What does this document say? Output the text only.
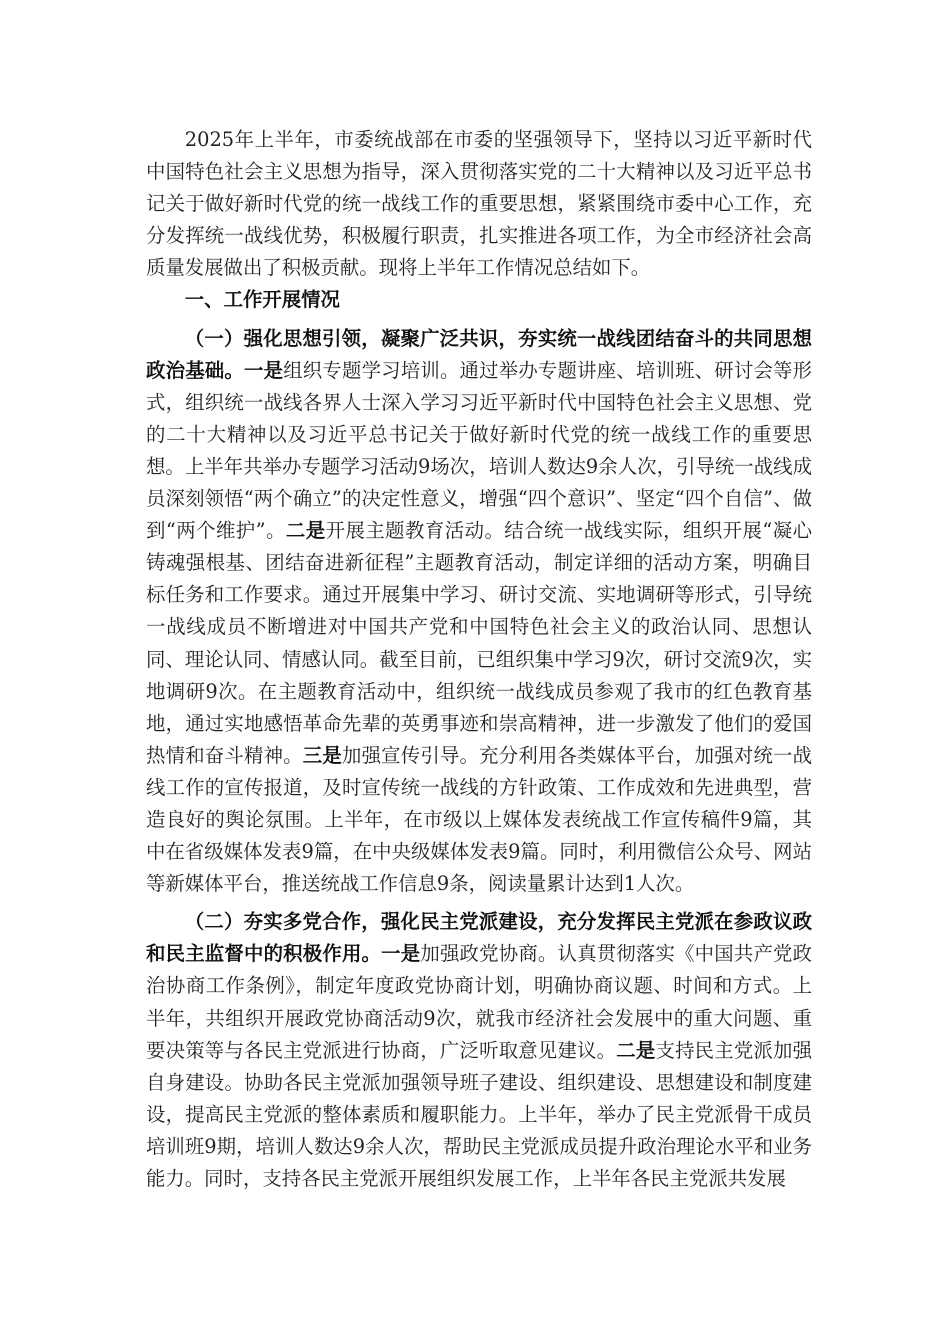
2025年上半年，市委统战部在市委的坚强领导下，坚持以习近平新时代中国特色社会主义思想为指导，深入贯彻落实党的二十大精神以及习近平总书记关于做好新时代党的统一战线工作的重要思想，紧紧围绕市委中心工作，充分发挥统一战线优势，积极履行职责，扎实推进各项工作，为全市经济社会高质量发展做出了积极贡献。现将上半年工作情况总结如下。

一、工作开展情况

（一）强化思想引领，凝聚广泛共识，夯实统一战线团结奋斗的共同思想政治基础。一是组织专题学习培训。通过举办专题讲座、培训班、研讨会等形式，组织统一战线各界人士深入学习习近平新时代中国特色社会主义思想、党的二十大精神以及习近平总书记关于做好新时代党的统一战线工作的重要思想。上半年共举办专题学习活动9场次，培训人数达9余人次，引导统一战线成员深刻领悟“两个确立”的决定性意义，增强“四个意识”、坚定“四个自信”、做到“两个维护”。二是开展主题教育活动。结合统一战线实际，组织开展“凝心铸魂强根基、团结奋进新征程”主题教育活动，制定详细的活动方案，明确目标任务和工作要求。通过开展集中学习、研讨交流、实地调研等形式，引导统一战线成员不断增进对中国共产党和中国特色社会主义的政治认同、思想认同、理论认同、情感认同。截至目前，已组织集中学习9次，研讨交流9次，实地调研9次。在主题教育活动中，组织统一战线成员参观了我市的红色教育基地，通过实地感悟革命先辈的英勇事迹和崇高精神，进一步激发了他们的爱国热情和奋斗精神。三是加强宣传引导。充分利用各类媒体平台，加强对统一战线工作的宣传报道，及时宣传统一战线的方针政策、工作成效和先进典型，营造良好的舆论氛围。上半年，在市级以上媒体发表统战工作宣传稿件9篇，其中在省级媒体发表9篇，在中央级媒体发表9篇。同时，利用微信公众号、网站等新媒体平台，推送统战工作信息9条，阅读量累计达到1人次。

（二）夯实多党合作，强化民主党派建设，充分发挥民主党派在参政议政和民主监督中的积极作用。一是加强政党协商。认真贯彻落实《中国共产党政治协商工作条例》，制定年度政党协商计划，明确协商议题、时间和方式。上半年，共组织开展政党协商活动9次，就我市经济社会发展中的重大问题、重要决策等与各民主党派进行协商，广泛听取意见建议。二是支持民主党派加强自身建设。协助各民主党派加强领导班子建设、组织建设、思想建设和制度建设，提高民主党派的整体素质和履职能力。上半年，举办了民主党派骨干成员培训班9期，培训人数达9余人次，帮助民主党派成员提升政治理论水平和业务能力。同时，支持各民主党派开展组织发展工作，上半年各民主党派共发展
